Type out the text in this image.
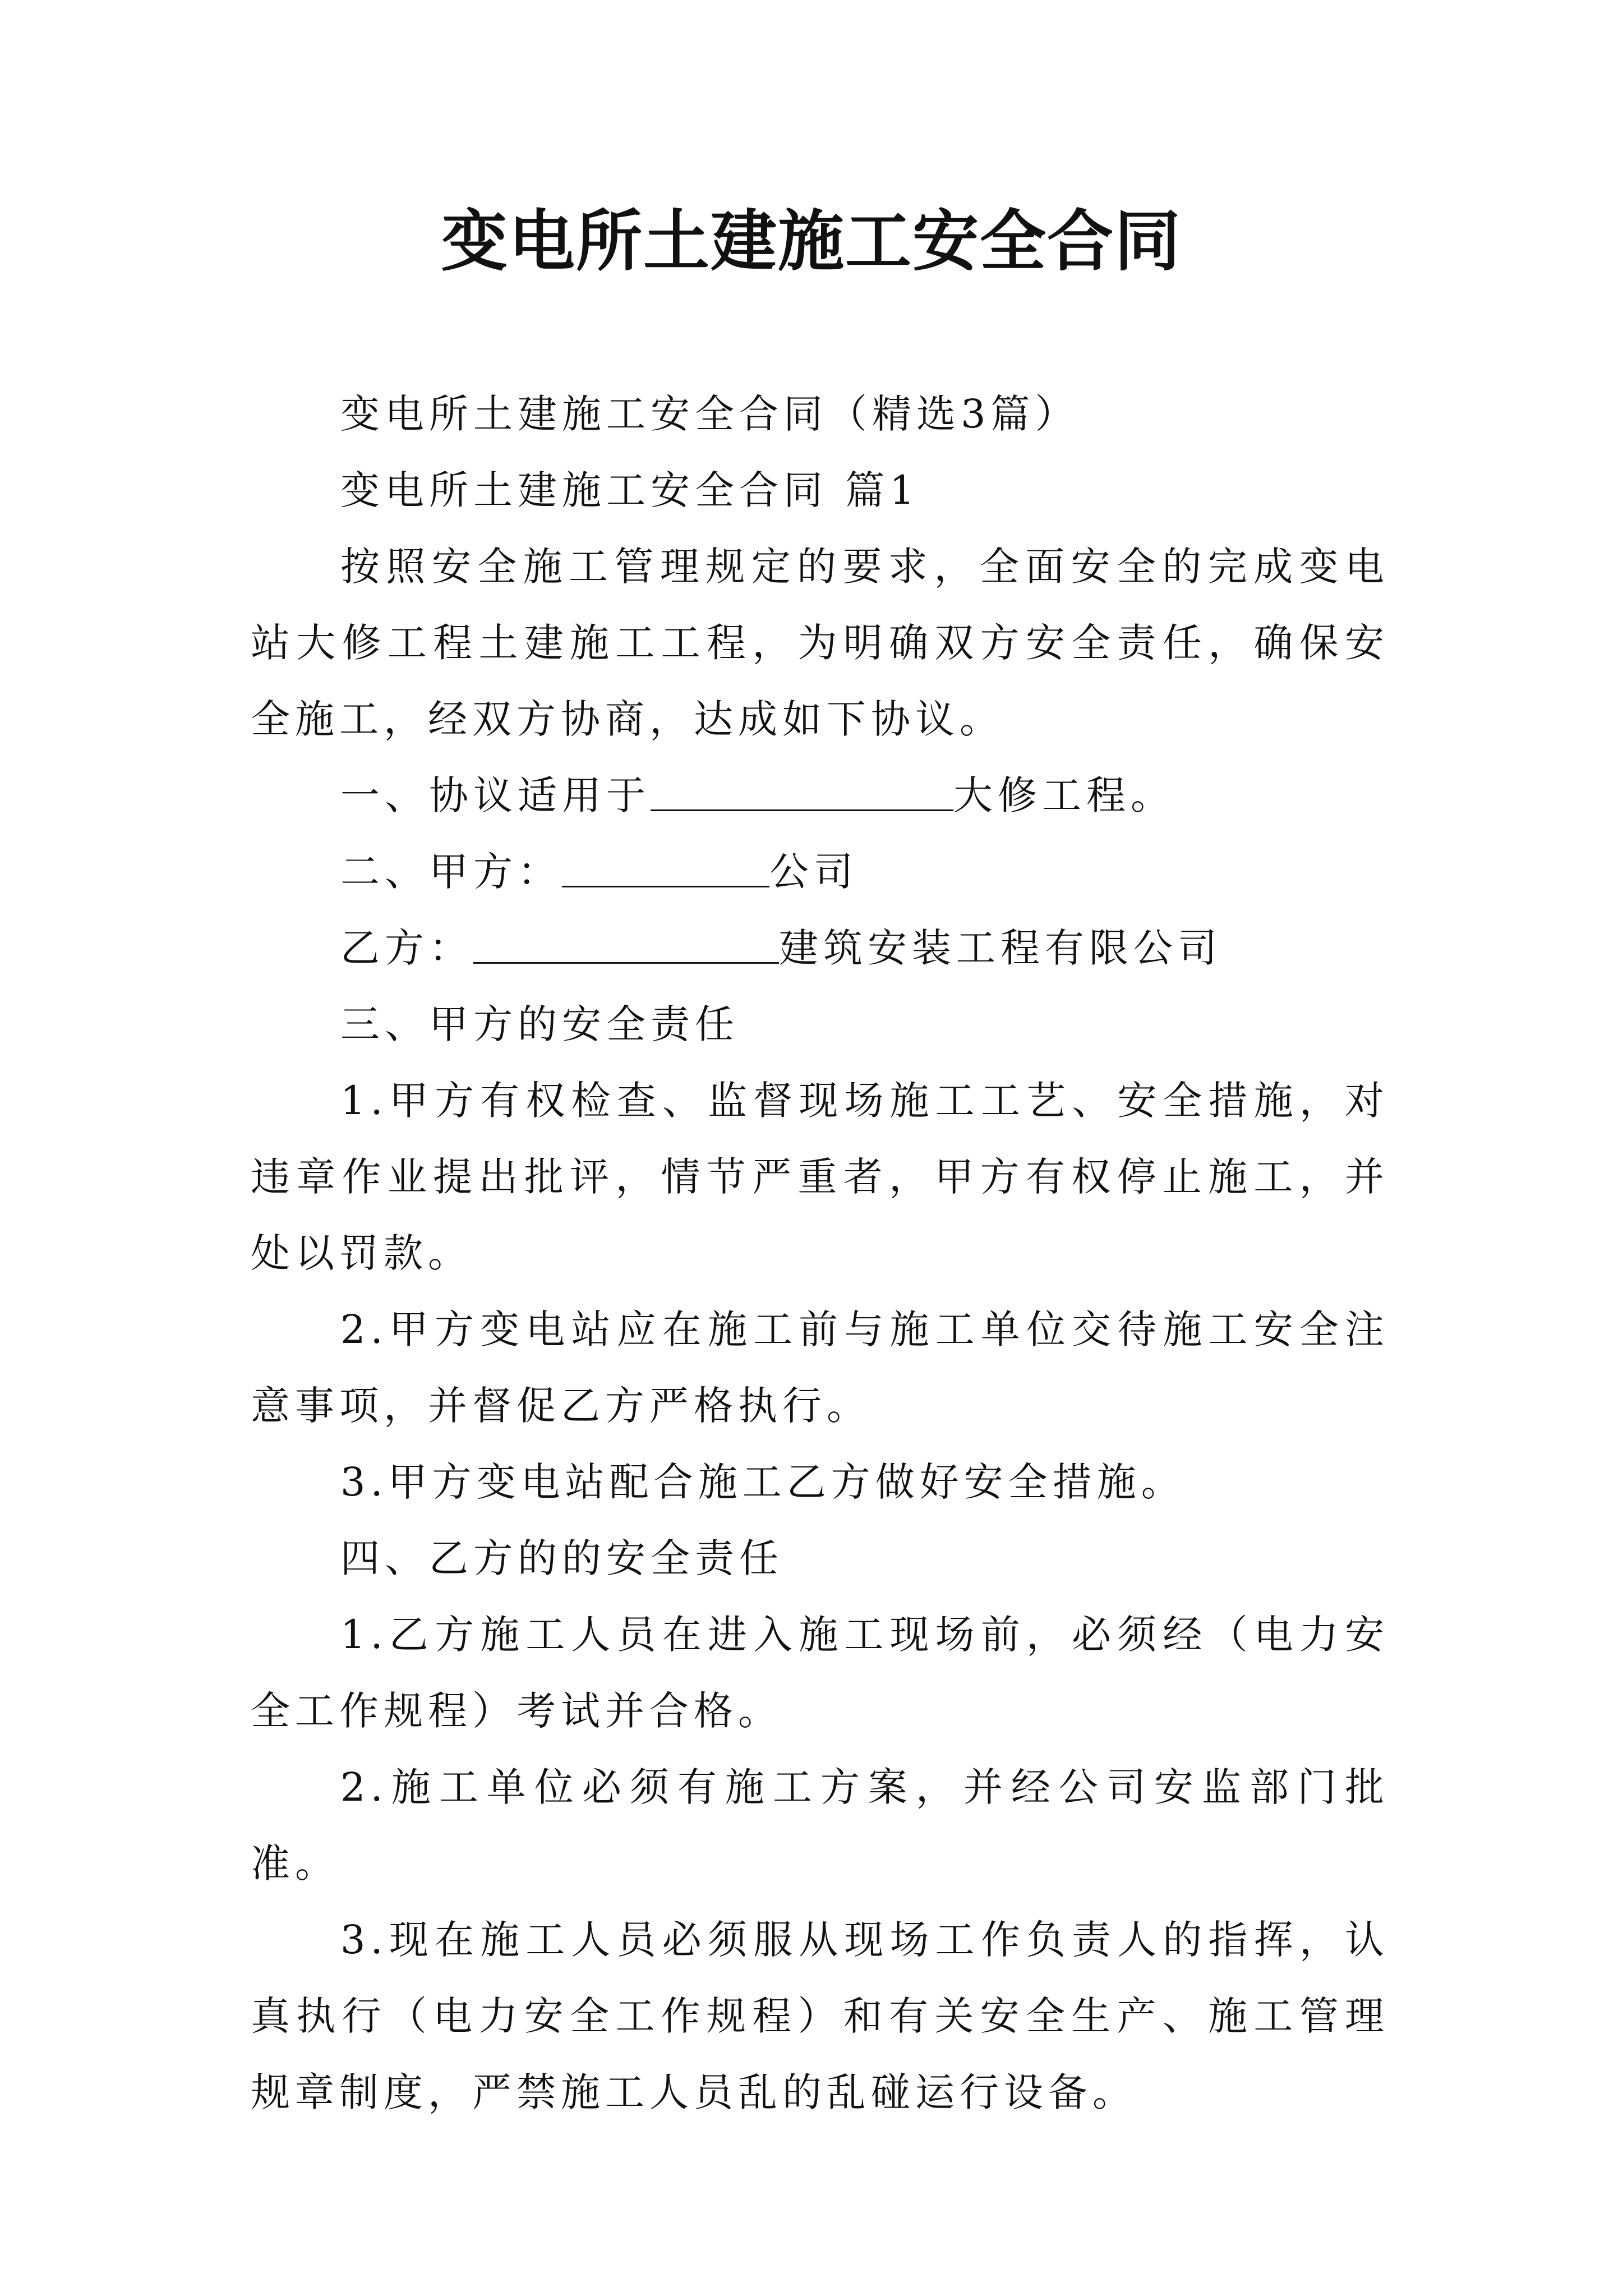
变电所土建施工安全合同

变电所土建施工安全合同（精选3篇）

变电所土建施工安全合同 篇1

按照安全施工管理规定的要求，全面安全的完成变电站大修工程土建施工工程，为明确双方安全责任，确保安全施工，经双方协商，达成如下协议。

一、协议适用于	大修工程。

二、甲方：	公司

乙方：	建筑安装工程有限公司

三、甲方的安全责任

1.甲方有权检查、监督现场施工工艺、安全措施，对违章作业提出批评，情节严重者，甲方有权停止施工，并处以罚款。

2.甲方变电站应在施工前与施工单位交待施工安全注意事项，并督促乙方严格执行。

3.甲方变电站配合施工乙方做好安全措施。

四、乙方的的安全责任

1.乙方施工人员在进入施工现场前，必须经（电力安全工作规程）考试并合格。

2.施工单位必须有施工方案，并经公司安监部门批准。

3.现在施工人员必须服从现场工作负责人的指挥，认真执行（电力安全工作规程）和有关安全生产、施工管理规章制度，严禁施工人员乱的乱碰运行设备。
